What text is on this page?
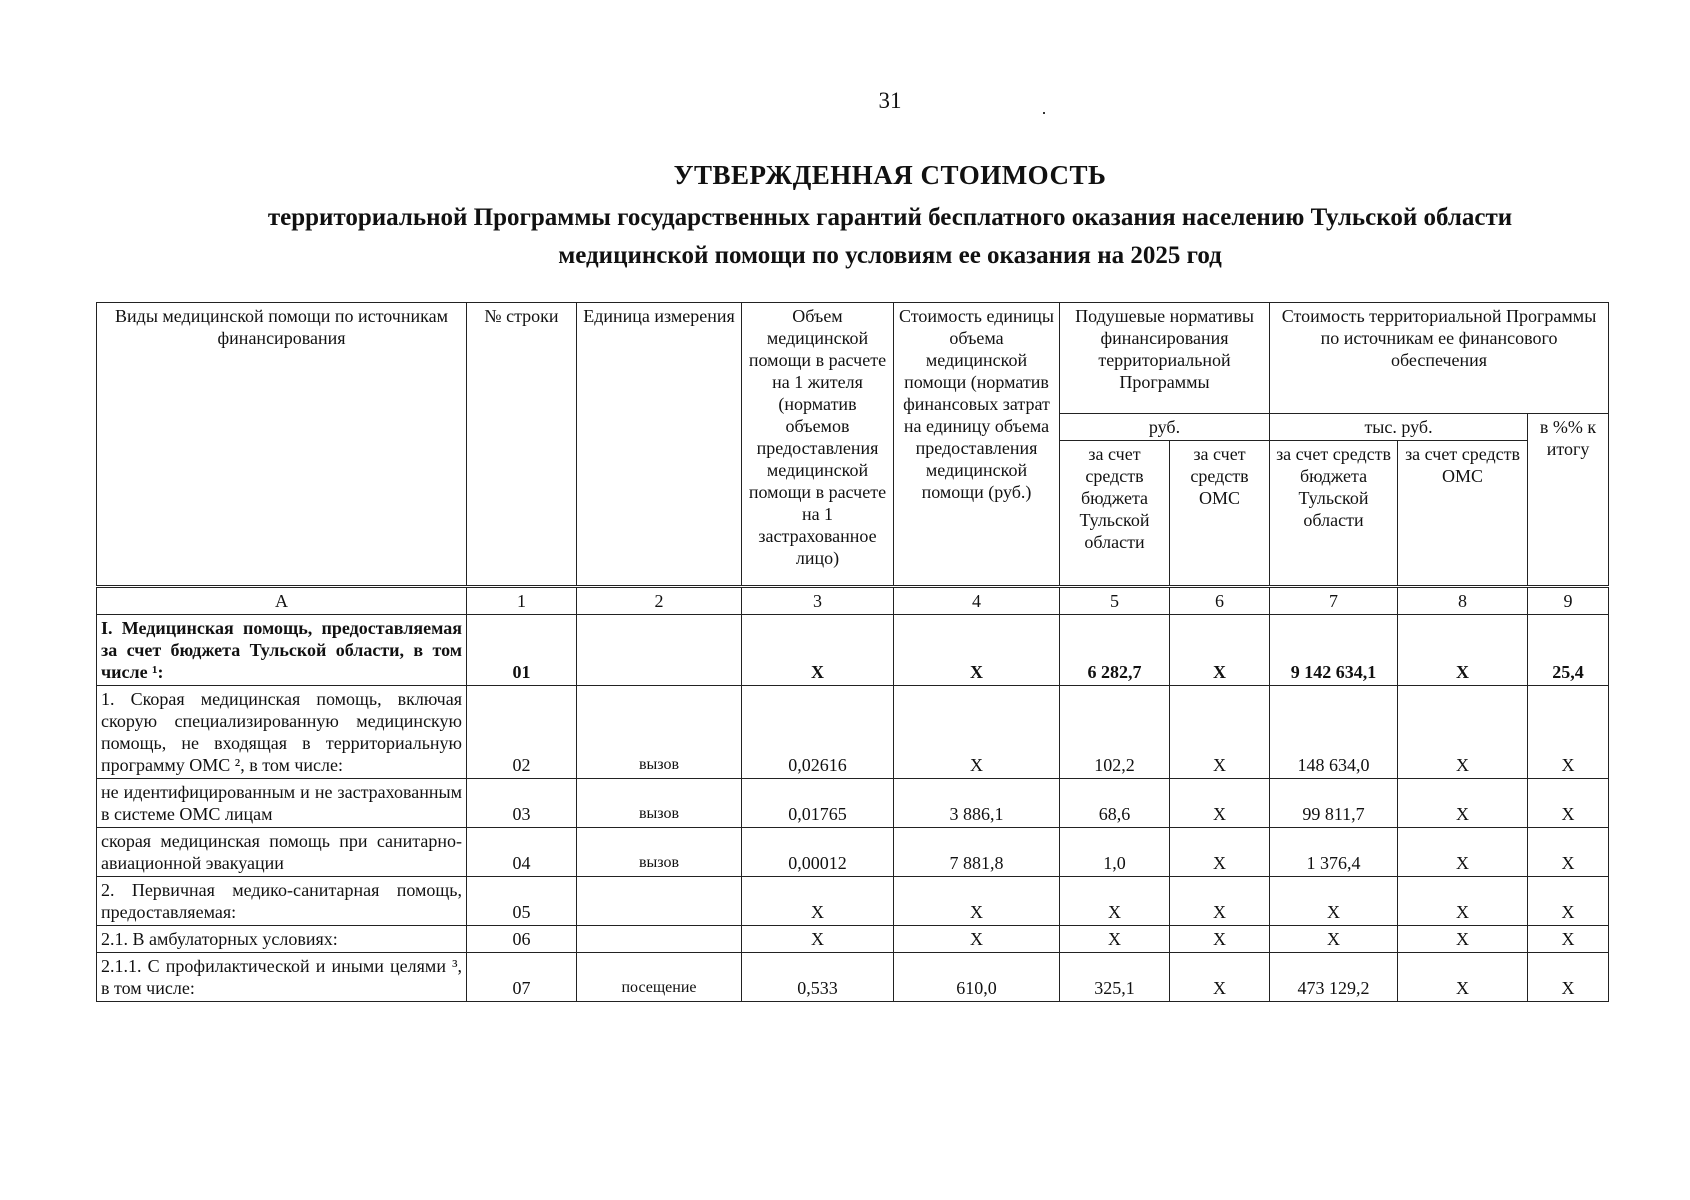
31
УТВЕРЖДЕННАЯ СТОИМОСТЬ
территориальной Программы государственных гарантий бесплатного оказания населению Тульской области
медицинской помощи по условиям ее оказания на 2025 год
Виды медицинской помощи по источникам финансирования	№ строки	Единица измерения	Объем медицинской помощи в расчете на 1 жителя (норматив объемов предоставления медицинской помощи в расчете на 1 застрахованное лицо)	Стоимость единицы объема медицинской помощи (норматив финансовых затрат на единицу объема предоставления медицинской помощи (руб.)	Подушевые нормативы финансирования территориальной Программы		Стоимость территориальной Программы по источникам ее финансового обеспечения		
					руб.		тыс. руб.		в %% к итогу
					за счет средств бюджета Тульской области	за счет средств ОМС	за счет средств бюджета Тульской области	за счет средств ОМС	
А	1	2	3	4	5	6	7	8	9
I. Медицинская помощь, предоставляемая за счет бюджета Тульской области, в том числе ¹:	01		Х	Х	6 282,7	Х	9 142 634,1	Х	25,4
1. Скорая медицинская помощь, включая скорую специализированную медицинскую помощь, не входящая в территориальную программу ОМС ², в том числе:	02	вызов	0,02616	Х	102,2	Х	148 634,0	Х	Х
не идентифицированным и не застрахованным в системе ОМС лицам	03	вызов	0,01765	3 886,1	68,6	Х	99 811,7	Х	Х
скорая медицинская помощь при санитарно-авиационной эвакуации	04	вызов	0,00012	7 881,8	1,0	Х	1 376,4	Х	Х
2. Первичная медико-санитарная помощь, предоставляемая:	05		Х	Х	Х	Х	Х	Х	Х
2.1. В амбулаторных условиях:	06		Х	Х	Х	Х	Х	Х	Х
2.1.1. С профилактической и иными целями ³, в том числе:	07	посещение	0,533	610,0	325,1	Х	473 129,2	Х	Х
